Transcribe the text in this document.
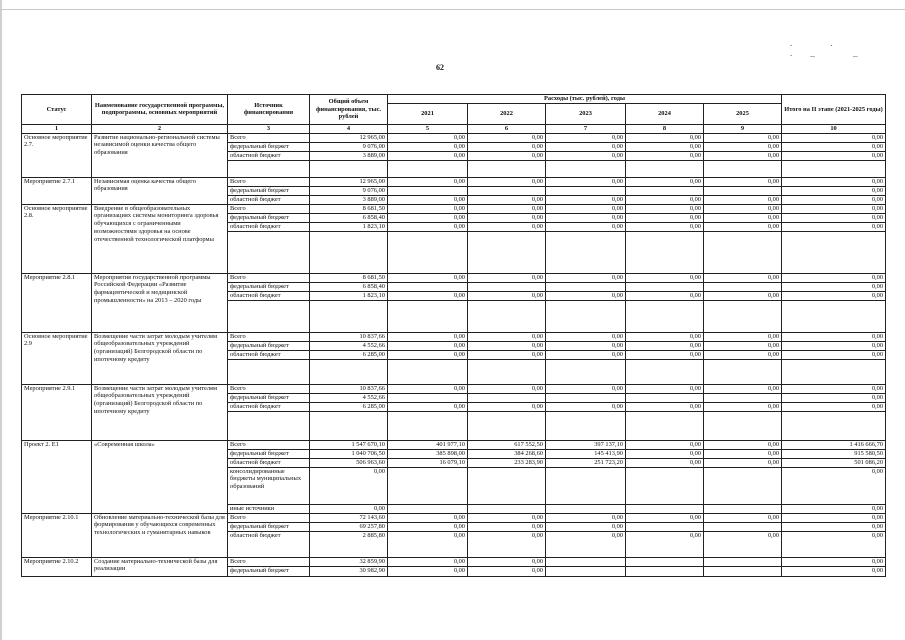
. . ._ _
62
Статус	Наименование государственной программы, подпрограммы, основных мероприятий	Источник финансирования	Общий объем финансирования, тыс. рублей	Расходы (тыс. рублей), годы					Итого на II этапе (2021-2025 годы)
				2021	2022	2023	2024	2025	
1	2	3	4	5	6	7	8	9	10
Основное мероприятие 2.7.	Развитие национально-региональной системы независимой оценки качества общего образования	Всего	12 965,00	0,00	0,00	0,00	0,00	0,00	0,00
		федеральный бюджет	9 076,00	0,00	0,00	0,00	0,00	0,00	0,00
		областной бюджет	3 889,00	0,00	0,00	0,00	0,00	0,00	0,00

Мероприятие 2.7.1	Независимая оценка качества общего образования	Всего	12 965,00	0,00	0,00	0,00	0,00	0,00	0,00
		федеральный бюджет	9 076,00						0,00
		областной бюджет	3 889,00	0,00	0,00	0,00	0,00	0,00	0,00
Основное мероприятие 2.8.	Внедрение в общеобразовательных организациях системы мониторинга здоровья обучающихся с ограниченными возможностями здоровья на основе отечественной технологической платформы	Всего	8 681,50	0,00	0,00	0,00	0,00	0,00	0,00
		федеральный бюджет	6 858,40	0,00	0,00	0,00	0,00	0,00	0,00
		областной бюджет	1 823,10	0,00	0,00	0,00	0,00	0,00	0,00

Мероприятие 2.8.1	Мероприятия государственной программы Российской Федерации «Развитие фармацевтической и медицинской промышленности» на 2013 – 2020 годы	Всего	8 681,50	0,00	0,00	0,00	0,00	0,00	0,00
		федеральный бюджет	6 858,40						0,00
		областной бюджет	1 823,10	0,00	0,00	0,00	0,00	0,00	0,00

Основное мероприятие 2.9	Возмещение части затрат молодым учителям общеобразовательных учреждений (организаций) Белгородской области по ипотечному кредиту	Всего	10 837,66	0,00	0,00	0,00	0,00	0,00	0,00
		федеральный бюджет	4 552,66	0,00	0,00	0,00	0,00	0,00	0,00
		областной бюджет	6 285,00	0,00	0,00	0,00	0,00	0,00	0,00

Мероприятие 2.9.1	Возмещение части затрат молодым учителям общеобразовательных учреждений (организаций) Белгородской области по ипотечному кредиту	Всего	10 837,66	0,00	0,00	0,00	0,00	0,00	0,00
		федеральный бюджет	4 552,66						0,00
		областной бюджет	6 285,00	0,00	0,00	0,00	0,00	0,00	0,00

Проект 2. Е1	«Современная школа»	Всего	1 547 670,10	401 977,10	617 552,50	397 137,10	0,00	0,00	1 416 666,70
		федеральный бюджет	1 040 706,50	385 898,00	384 268,60	145 413,90	0,00	0,00	915 580,50
		областной бюджет	506 963,60	16 079,10	233 283,90	251 723,20	0,00	0,00	501 086,20
		консолидированные бюджеты муниципальных образований	0,00						0,00
		иные источники	0,00						0,00
Мероприятие 2.10.1	Обновление материально-технической базы для формирования у обучающихся современных технологических и гуманитарных навыков	Всего	72 143,60	0,00	0,00	0,00	0,00	0,00	0,00
		федеральный бюджет	69 257,80	0,00	0,00	0,00			0,00
		областной бюджет	2 885,80	0,00	0,00	0,00	0,00	0,00	0,00
Мероприятие 2.10.2	Создание материально-технической базы для реализации	Всего	32 859,90	0,00	0,00				0,00
		федеральный бюджет	30 982,90	0,00	0,00				0,00
